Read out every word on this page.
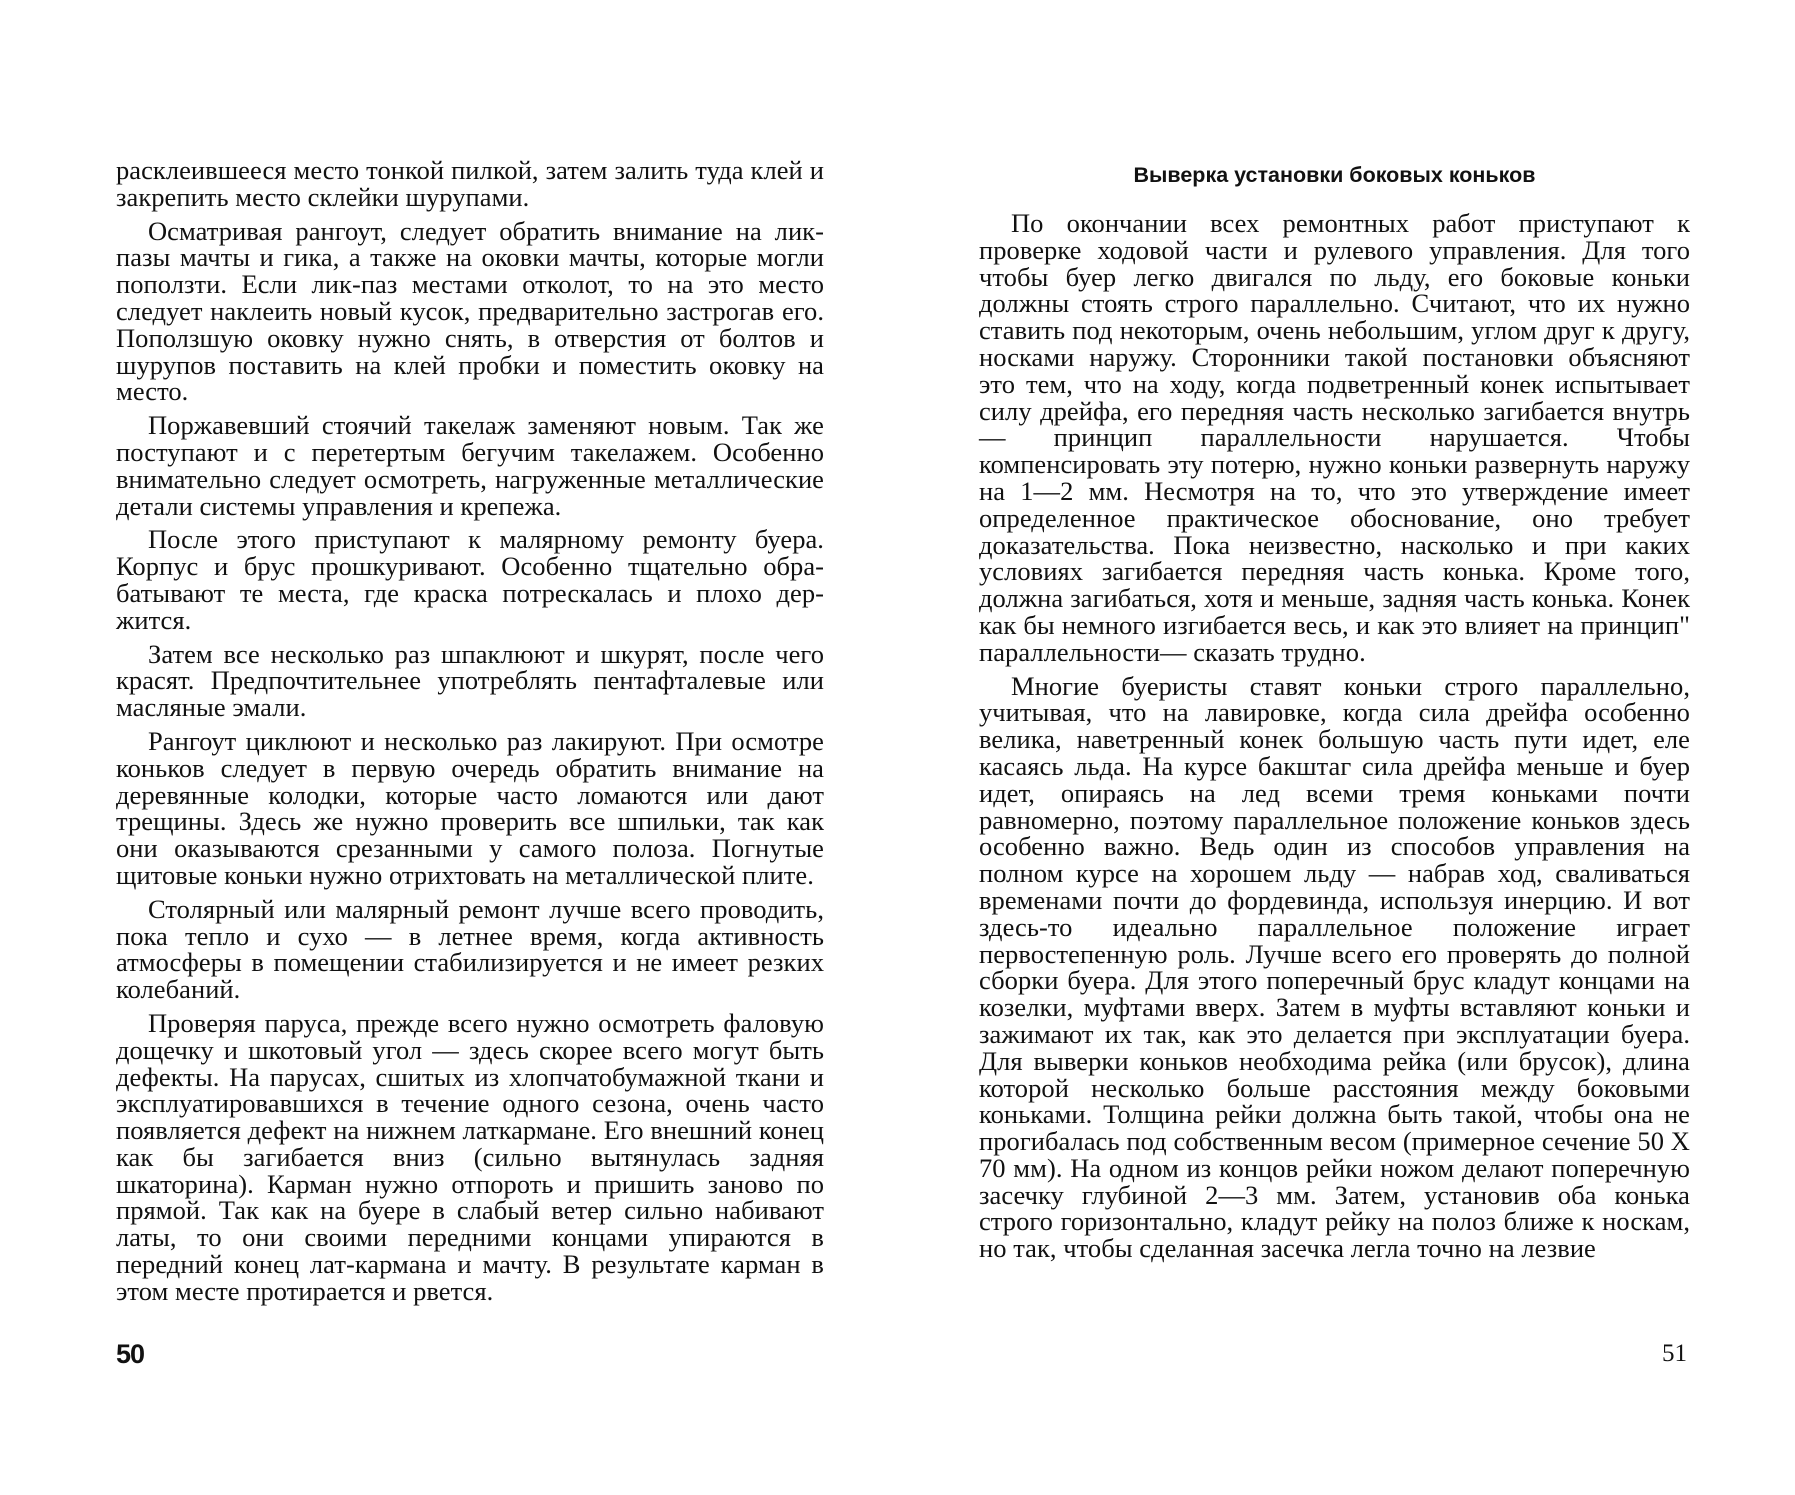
расклеившееся место тонкой пилкой, затем залить туда клей и закрепить место склейки шурупами.

Осматривая рангоут, следует обратить внимание на лик-пазы мачты и гика, а также на оковки мачты, которые могли поползти. Если лик-паз местами отколот, то на это место следует наклеить новый кусок, предварительно застрогав его. Поползшую оковку нужно снять, в отверстия от болтов и шурупов поставить на клей пробки и поместить оковку на место.

Поржавевший стоячий такелаж заменяют новым. Так же поступают и с перетертым бегучим такелажем. Особенно внимательно следует осмотреть, нагруженные металлические детали системы управления и крепежа.

После этого приступают к малярному ремонту буера. Корпус и брус прошкуривают. Особенно тщательно обрабатывают те места, где краска потрескалась и плохо держится.

Затем все несколько раз шпаклюют и шкурят, после чего красят. Предпочтительнее употреблять пентафталевые или масляные эмали.

Рангоут циклюют и несколько раз лакируют. При осмотре коньков следует в первую очередь обратить внимание на деревянные колодки, которые часто ломаются или дают трещины. Здесь же нужно проверить все шпильки, так как они оказываются срезанными у самого полоза. Погнутые щитовые коньки нужно отрихтовать на металлической плите.

Столярный или малярный ремонт лучше всего проводить, пока тепло и сухо — в летнее время, когда активность атмосферы в помещении стабилизируется и не имеет резких колебаний.

Проверяя паруса, прежде всего нужно осмотреть фаловую дощечку и шкотовый угол — здесь скорее всего могут быть дефекты. На парусах, сшитых из хлопчатобумажной ткани и эксплуатировавшихся в течение одного сезона, очень часто появляется дефект на нижнем латкармане. Его внешний конец как бы загибается вниз (сильно вытянулась задняя шкаторина). Карман нужно отпороть и пришить заново по прямой. Так как на буере в слабый ветер сильно набивают латы, то они своими передними концами упираются в передний конец лат-кармана и мачту. В результате карман в этом месте протирается и рвется.

50
Выверка установки боковых коньков

По окончании всех ремонтных работ приступают к проверке ходовой части и рулевого управления. Для того чтобы буер легко двигался по льду, его боковые коньки должны стоять строго параллельно. Считают, что их нужно ставить под некоторым, очень небольшим, углом друг к другу, носками наружу. Сторонники такой постановки объясняют это тем, что на ходу, когда подветренный конек испытывает силу дрейфа, его передняя часть несколько загибается внутрь — принцип параллельности нарушается. Чтобы компенсировать эту потерю, нужно коньки развернуть наружу на 1—2 мм. Несмотря на то, что это утверждение имеет определенное практическое обоснование, оно требует доказательства. Пока неизвестно, насколько и при каких условиях загибается передняя часть конька. Кроме того, должна загибаться, хотя и меньше, задняя часть конька. Конек как бы немного изгибается весь, и как это влияет на принцип" параллельности— сказать трудно.

Многие буеристы ставят коньки строго параллельно, учитывая, что на лавировке, когда сила дрейфа особенно велика, наветренный конек большую часть пути идет, еле касаясь льда. На курсе бакштаг сила дрейфа меньше и буер идет, опираясь на лед всеми тремя коньками почти равномерно, поэтому параллельное положение коньков здесь особенно важно. Ведь один из способов управления на полном курсе на хорошем льду — набрав ход, сваливаться временами почти до фордевинда, используя инерцию. И вот здесь-то идеально параллельное положение играет первостепенную роль. Лучше всего его проверять до полной сборки буера. Для этого поперечный брус кладут концами на козелки, муфтами вверх. Затем в муфты вставляют коньки и зажимают их так, как это делается при эксплуатации буера. Для выверки коньков необходима рейка (или брусок), длина которой несколько больше расстояния между боковыми коньками. Толщина рейки должна быть такой, чтобы она не прогибалась под собственным весом (примерное сечение 50 X 70 мм). На одном из концов рейки ножом делают поперечную засечку глубиной 2—3 мм. Затем, установив оба конька строго горизонтально, кладут рейку на полоз ближе к носкам, но так, чтобы сделанная засечка легла точно на лезвие

51
